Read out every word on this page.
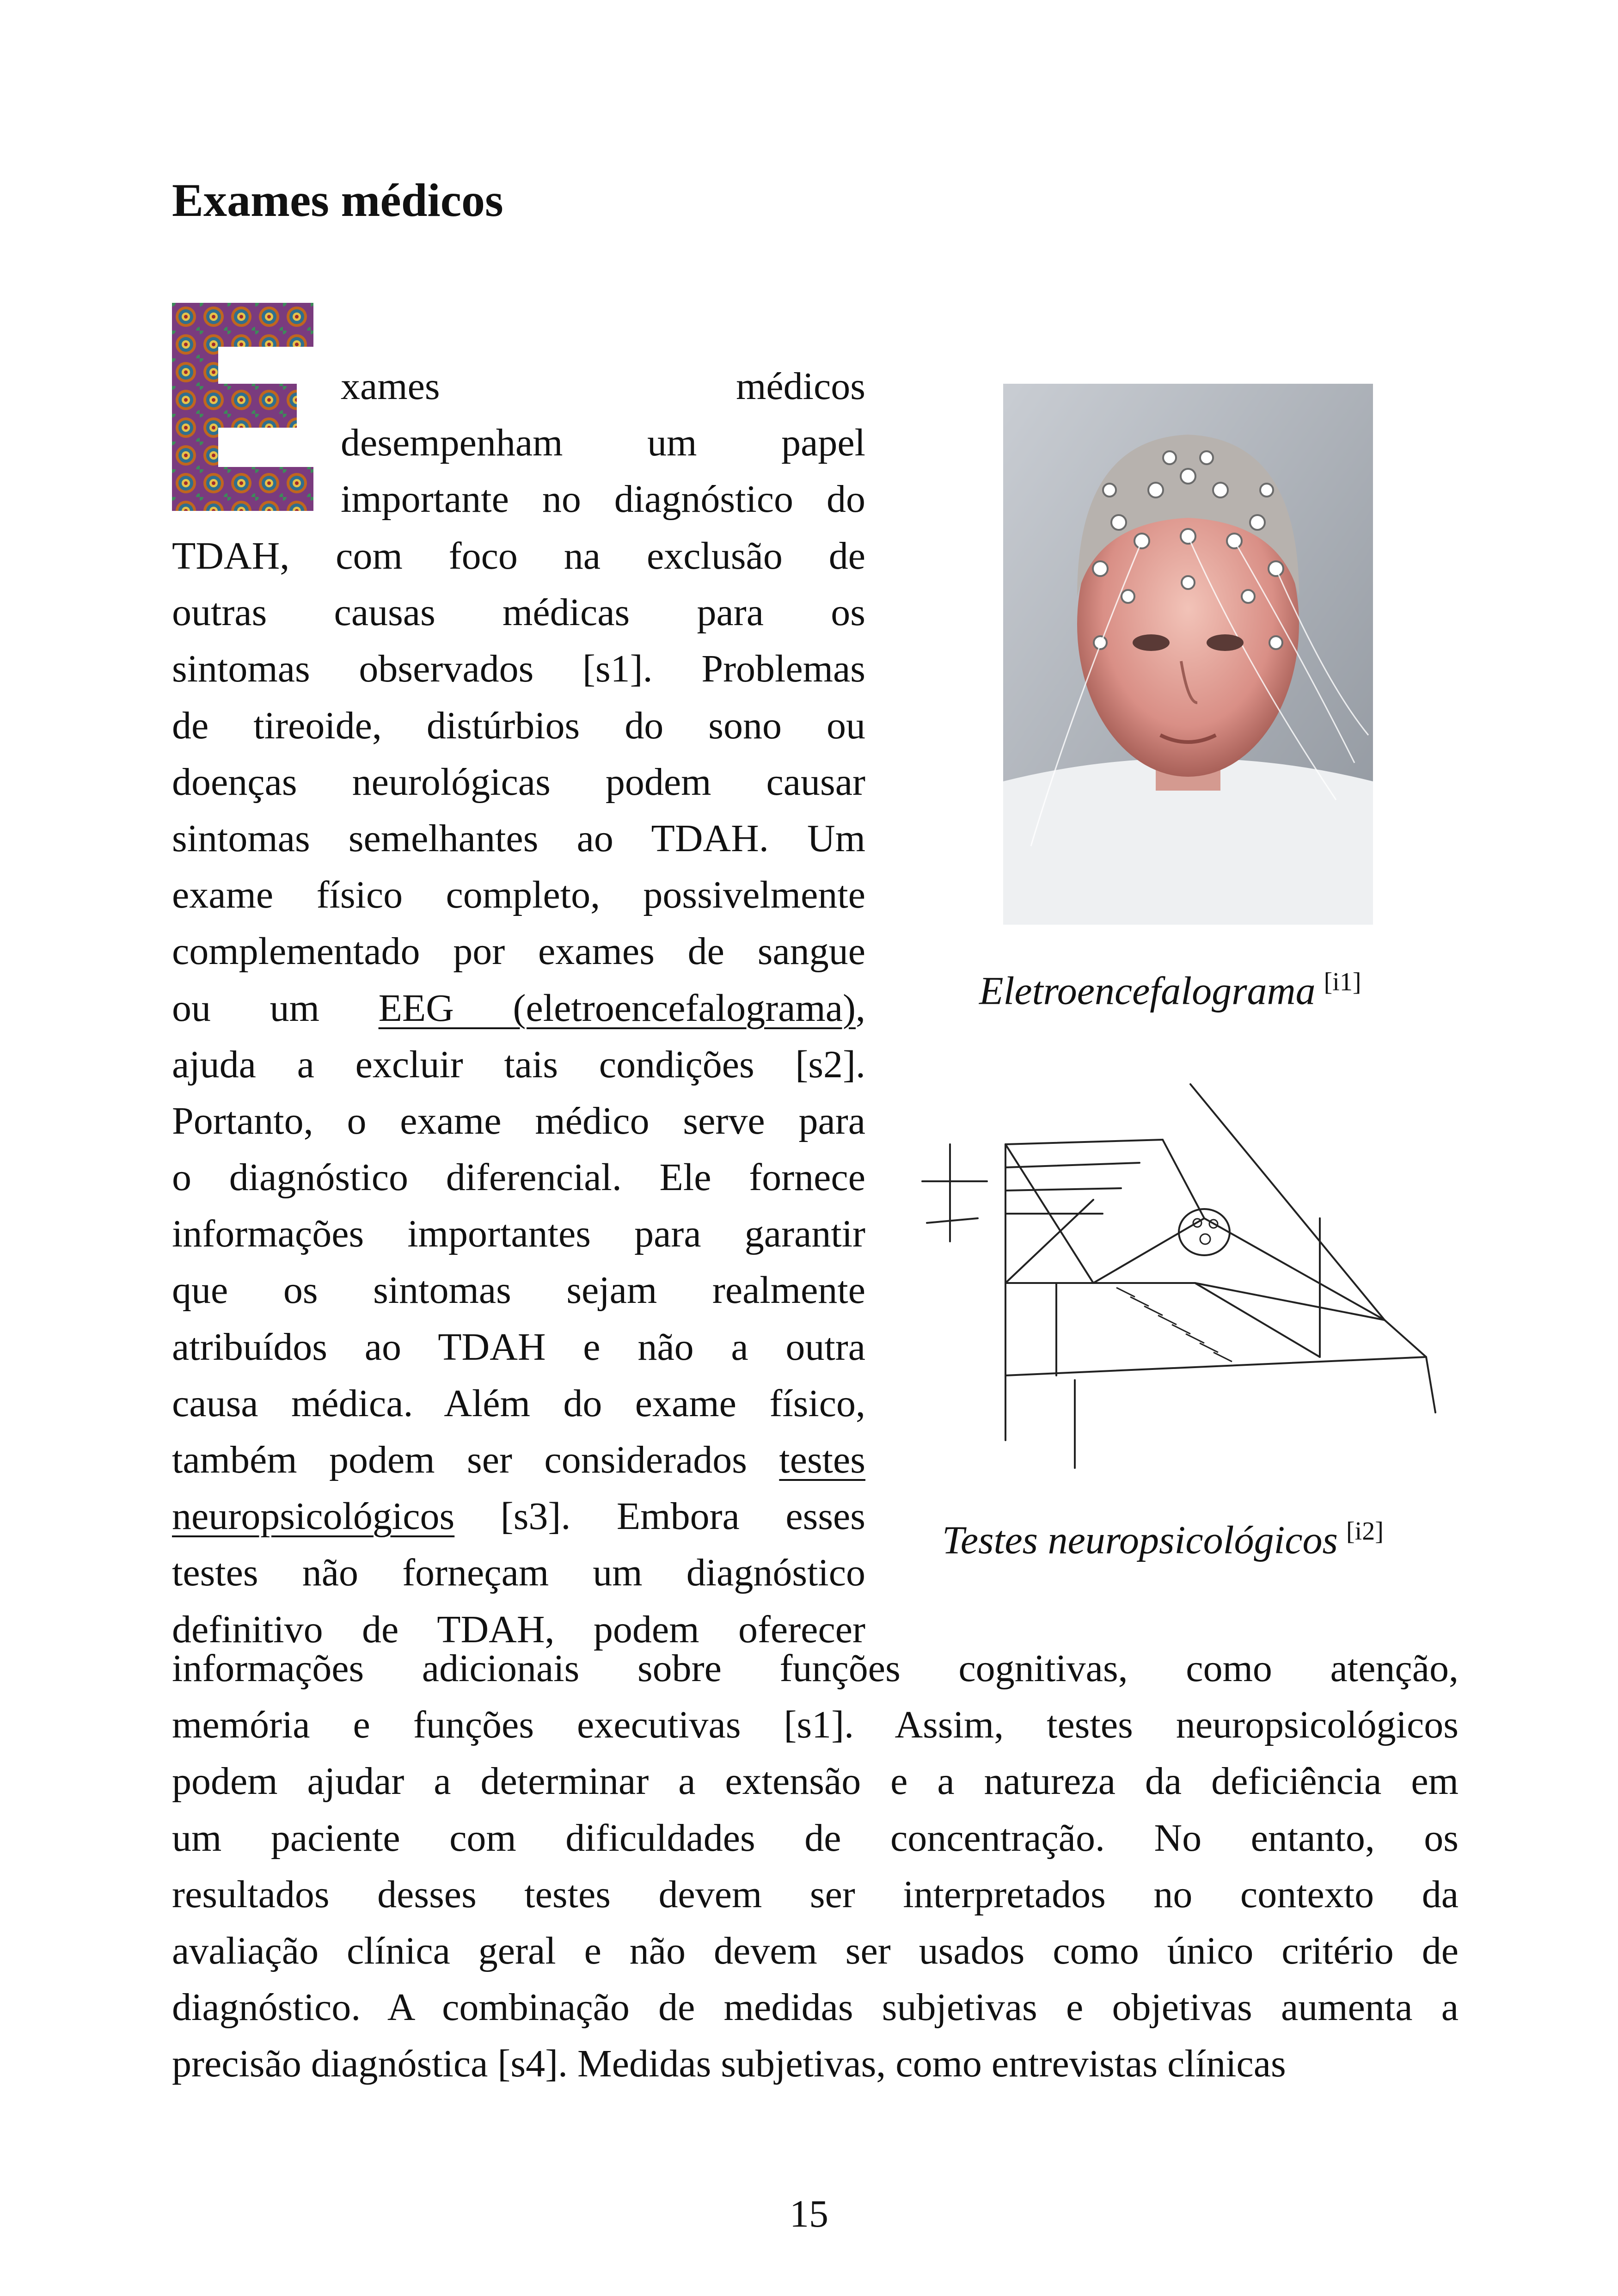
Exames médicos
xames médicos
desempenham um papel
importante no diagnóstico do
TDAH, com foco na exclusão de
outras causas médicas para os
sintomas observados [s1]. Problemas
de tireoide, distúrbios do sono ou
doenças neurológicas podem causar
sintomas semelhantes ao TDAH. Um
exame físico completo, possivelmente
complementado por exames de sangue
ou um EEG (eletroencefalograma),
ajuda a excluir tais condições [s2].
Portanto, o exame médico serve para
o diagnóstico diferencial. Ele fornece
informações importantes para garantir
que os sintomas sejam realmente
atribuídos ao TDAH e não a outra
causa médica. Além do exame físico,
também podem ser considerados testes
neuropsicológicos [s3]. Embora esses
testes não forneçam um diagnóstico
definitivo de TDAH, podem oferecer
informações adicionais sobre funções cognitivas, como atenção,
memória e funções executivas [s1]. Assim, testes neuropsicológicos
podem ajudar a determinar a extensão e a natureza da deficiência em
um paciente com dificuldades de concentração. No entanto, os
resultados desses testes devem ser interpretados no contexto da
avaliação clínica geral e não devem ser usados como único critério de
diagnóstico. A combinação de medidas subjetivas e objetivas aumenta a
precisão diagnóstica [s4]. Medidas subjetivas, como entrevistas clínicas
Eletroencefalograma [i1]
Testes neuropsicológicos [i2]
15
